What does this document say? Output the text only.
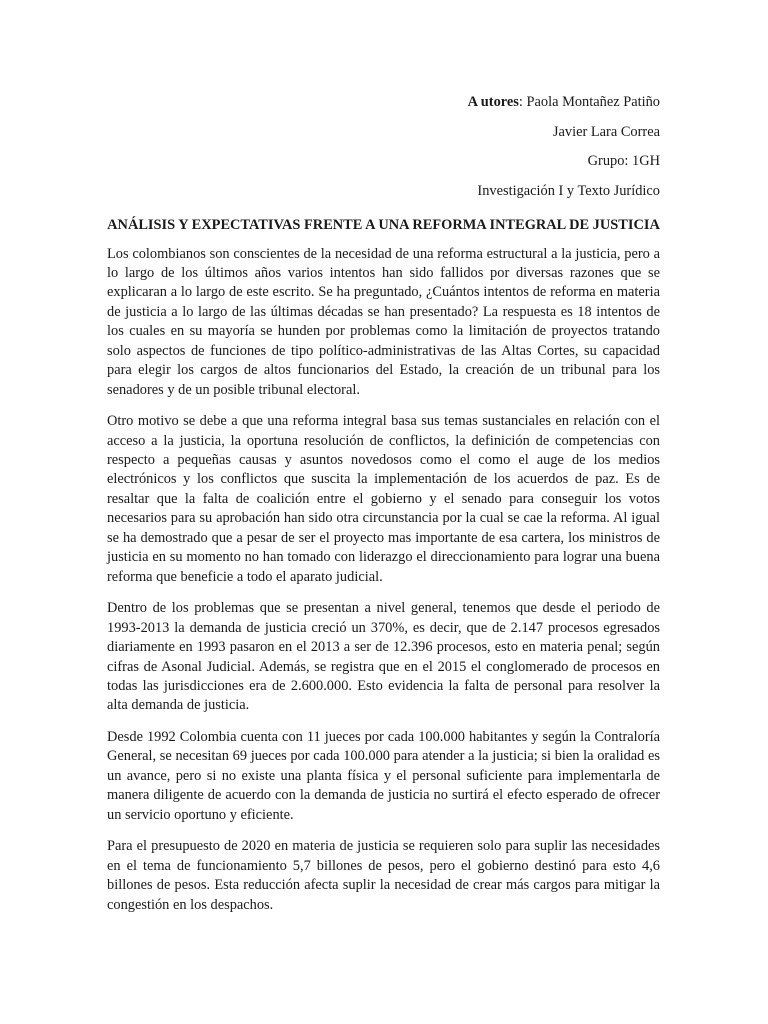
A utores: Paola Montañez Patiño
Javier Lara Correa
Grupo: 1GH
Investigación I y Texto Jurídico
ANÁLISIS Y EXPECTATIVAS FRENTE A UNA REFORMA INTEGRAL DE JUSTICIA

Los colombianos son conscientes de la necesidad de una reforma estructural a la justicia, pero a lo largo de los últimos años varios intentos han sido fallidos por diversas razones que se explicaran a lo largo de este escrito. Se ha preguntado, ¿Cuántos intentos de reforma en materia de justicia a lo largo de las últimas décadas se han presentado? La respuesta es 18 intentos de los cuales en su mayoría se hunden por problemas como la limitación de proyectos tratando solo aspectos de funciones de tipo político-administrativas de las Altas Cortes, su capacidad para elegir los cargos de altos funcionarios del Estado, la creación de un tribunal para los senadores y de un posible tribunal electoral.

Otro motivo se debe a que una reforma integral basa sus temas sustanciales en relación con el acceso a la justicia, la oportuna resolución de conflictos, la definición de competencias con respecto a pequeñas causas y asuntos novedosos como el como el auge de los medios electrónicos y los conflictos que suscita la implementación de los acuerdos de paz. Es de resaltar que la falta de coalición entre el gobierno y el senado para conseguir los votos necesarios para su aprobación han sido otra circunstancia por la cual se cae la reforma. Al igual se ha demostrado que a pesar de ser el proyecto mas importante de esa cartera, los ministros de justicia en su momento no han tomado con liderazgo el direccionamiento para lograr una buena reforma que beneficie a todo el aparato judicial.

Dentro de los problemas que se presentan a nivel general, tenemos que desde el periodo de 1993-2013 la demanda de justicia creció un 370%, es decir, que de 2.147 procesos egresados diariamente en 1993 pasaron en el 2013 a ser de 12.396 procesos, esto en materia penal; según cifras de Asonal Judicial. Además, se registra que en el 2015 el conglomerado de procesos en todas las jurisdicciones era de 2.600.000. Esto evidencia la falta de personal para resolver la alta demanda de justicia.

Desde 1992 Colombia cuenta con 11 jueces por cada 100.000 habitantes y según la Contraloría General, se necesitan 69 jueces por cada 100.000 para atender a la justicia; si bien la oralidad es un avance, pero si no existe una planta física y el personal suficiente para implementarla de manera diligente de acuerdo con la demanda de justicia no surtirá el efecto esperado de ofrecer un servicio oportuno y eficiente.

Para el presupuesto de 2020 en materia de justicia se requieren solo para suplir las necesidades en el tema de funcionamiento 5,7 billones de pesos, pero el gobierno destinó para esto 4,6 billones de pesos. Esta reducción afecta suplir la necesidad de crear más cargos para mitigar la congestión en los despachos.
